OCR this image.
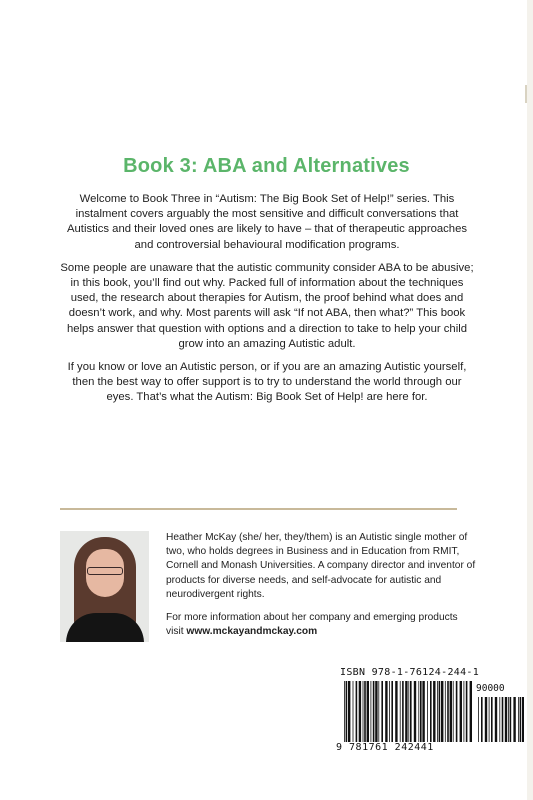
Book 3: ABA and Alternatives

Welcome to Book Three in “Autism: The Big Book Set of Help!” series. This instalment covers arguably the most sensitive and difficult conversations that Autistics and their loved ones are likely to have – that of therapeutic approaches and controversial behavioural modification programs.

Some people are unaware that the autistic community consider ABA to be abusive; in this book, you’ll find out why. Packed full of information about the techniques used, the research about therapies for Autism, the proof behind what does and doesn’t work, and why. Most parents will ask “If not ABA, then what?” This book helps answer that question with options and a direction to take to help your child grow into an amazing Autistic adult.

If you know or love an Autistic person, or if you are an amazing Autistic yourself, then the best way to offer support is to try to understand the world through our eyes. That’s what the Autism: Big Book Set of Help! are here for.

Heather McKay (she/ her, they/them) is an Autistic single mother of two, who holds degrees in Business and in Education from RMIT, Cornell and Monash Universities. A company director and inventor of products for diverse needs, and self-advocate for autistic and neurodivergent rights.

For more information about her company and emerging products visit www.mckayandmckay.com

ISBN 978-1-76124-244-1
90000
9 781761 242441
